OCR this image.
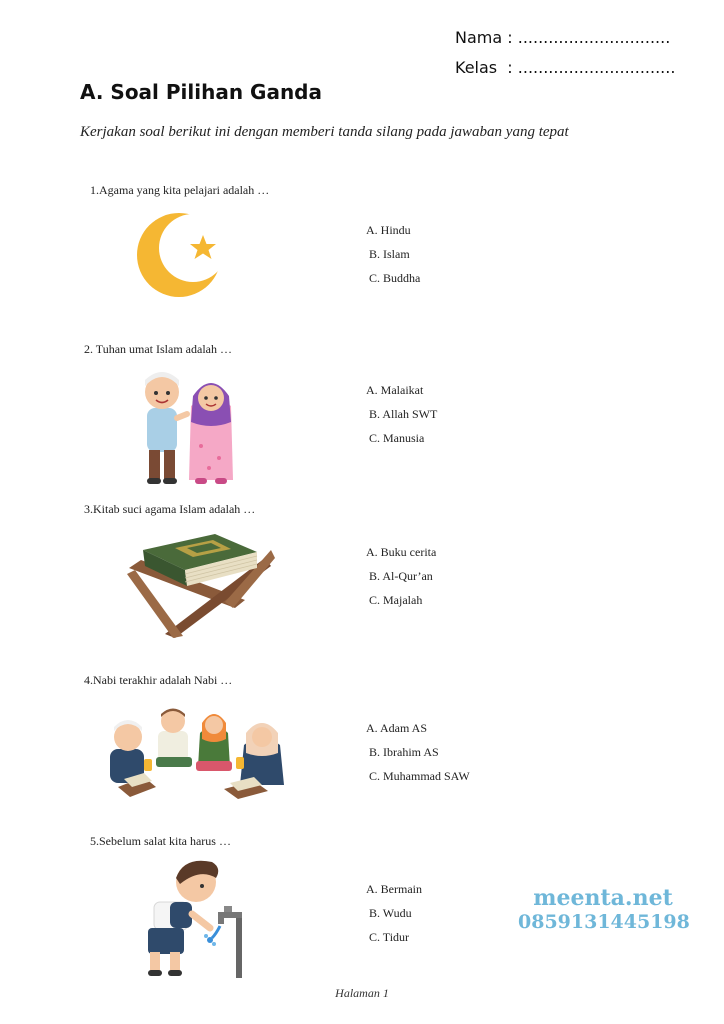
Nama : ..............................
Kelas  : ...............................
A. Soal Pilihan Ganda
Kerjakan soal berikut ini dengan memberi tanda silang pada jawaban yang tepat
1.Agama yang kita pelajari adalah …
A. Hindu
B. Islam
C. Buddha
2. Tuhan umat Islam adalah …
A. Malaikat
B. Allah SWT
C. Manusia
3.Kitab suci agama Islam adalah …
A. Buku cerita
B. Al-Qur’an
C. Majalah
4.Nabi terakhir adalah Nabi …
A. Adam AS
B. Ibrahim AS
C. Muhammad SAW
5.Sebelum salat kita harus …
A. Bermain
B. Wudu
C. Tidur
meenta.net
0859131445198
Halaman 1
